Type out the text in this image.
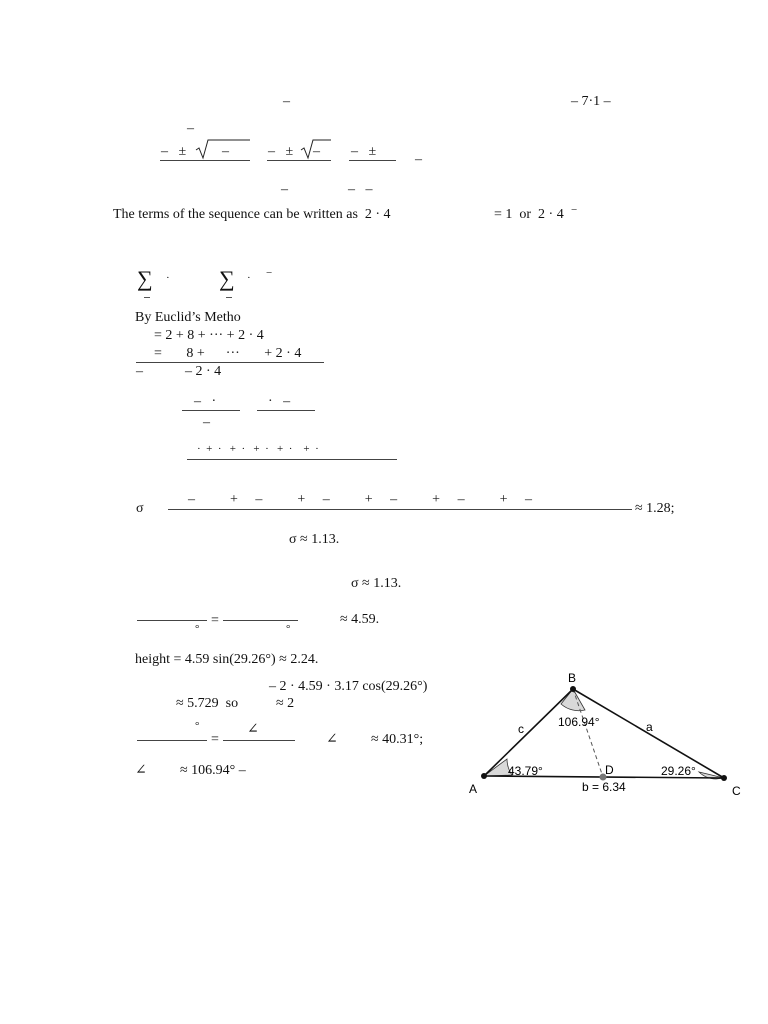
– 7·1 –
–
–
–   ±	–	–   ± – –   ±
–
–	–   –
The terms of the sequence can be written as  2 · 4	= 1  or  2 · 4 −
∑ · ∑ · −
By Euclid’s Metho
= 2 + 8 + ··· + 2 · 4
=       8 +      ···       + 2 · 4
–	– 2 · 4
–   ·	·   –
–
·  +  ·   +  ·   +  ·   +  ·    +  ·
σ
–          +     –          +     –          +     –          +     –          +     –
≈ 1.28;
σ ≈ 1.13.
σ ≈ 1.13.
°
=
°
≈ 4.59.
height = 4.59 sin(29.26°) ≈ 2.24.
– 2 · 4.59 · 3.17 cos(29.26°)
≈ 5.729  so	≈ 2
°
=
∠
∠ ≈ 40.31°;
∠ ≈ 106.94° –
A
B
C
D
c	a
b = 6.34
43.79°
106.94°
29.26°
